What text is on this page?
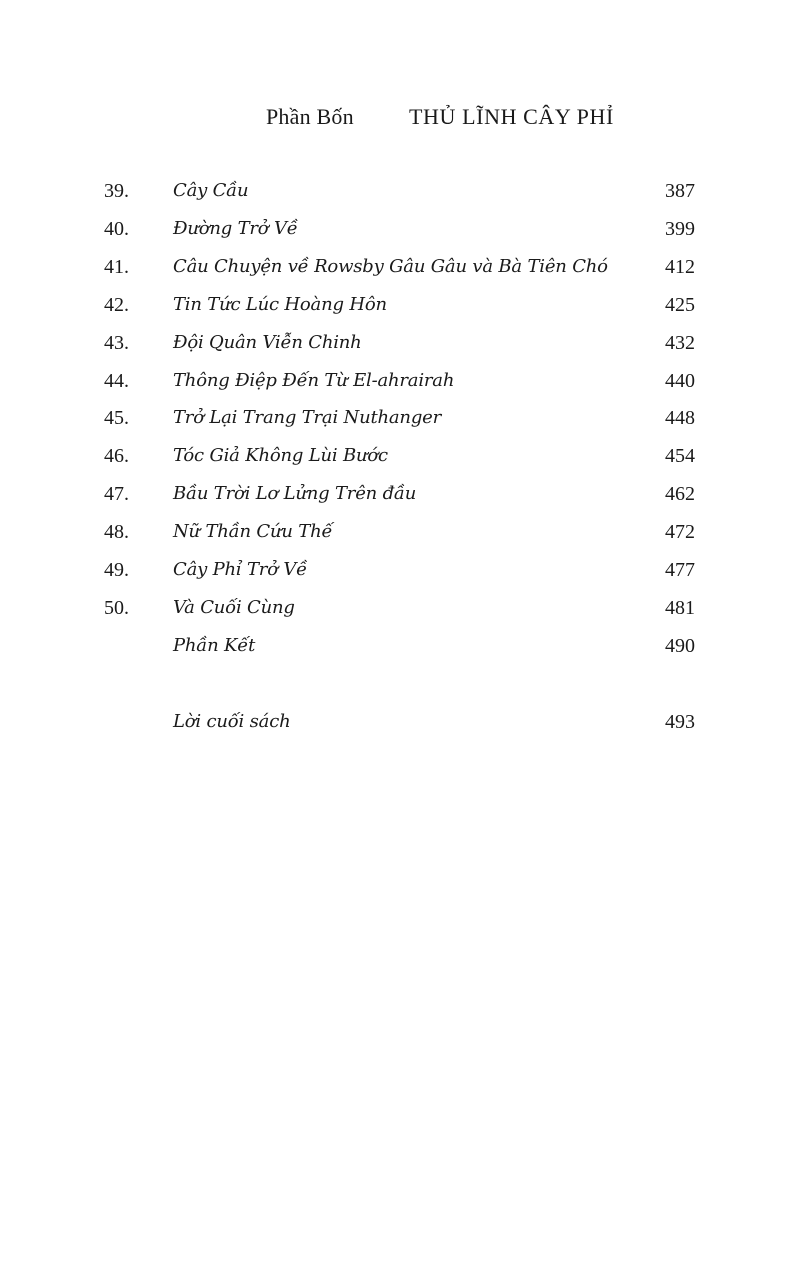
Phần Bốn	THỦ LĨNH CÂY PHỈ
39. Cây Cầu	387
40. Đường Trở Về	399
41. Câu Chuyện về Rowsby Gâu Gâu và Bà Tiên Chó	412
42. Tin Tức Lúc Hoàng Hôn	425
43. Đội Quân Viễn Chinh	432
44. Thông Điệp Đến Từ El-ahrairah	440
45. Trở Lại Trang Trại Nuthanger	448
46. Tóc Giả Không Lùi Bước	454
47. Bầu Trời Lơ Lửng Trên đầu	462
48. Nữ Thần Cứu Thế	472
49. Cây Phỉ Trở Về	477
50. Và Cuối Cùng	481
Phần Kết	490
Lời cuối sách	493
